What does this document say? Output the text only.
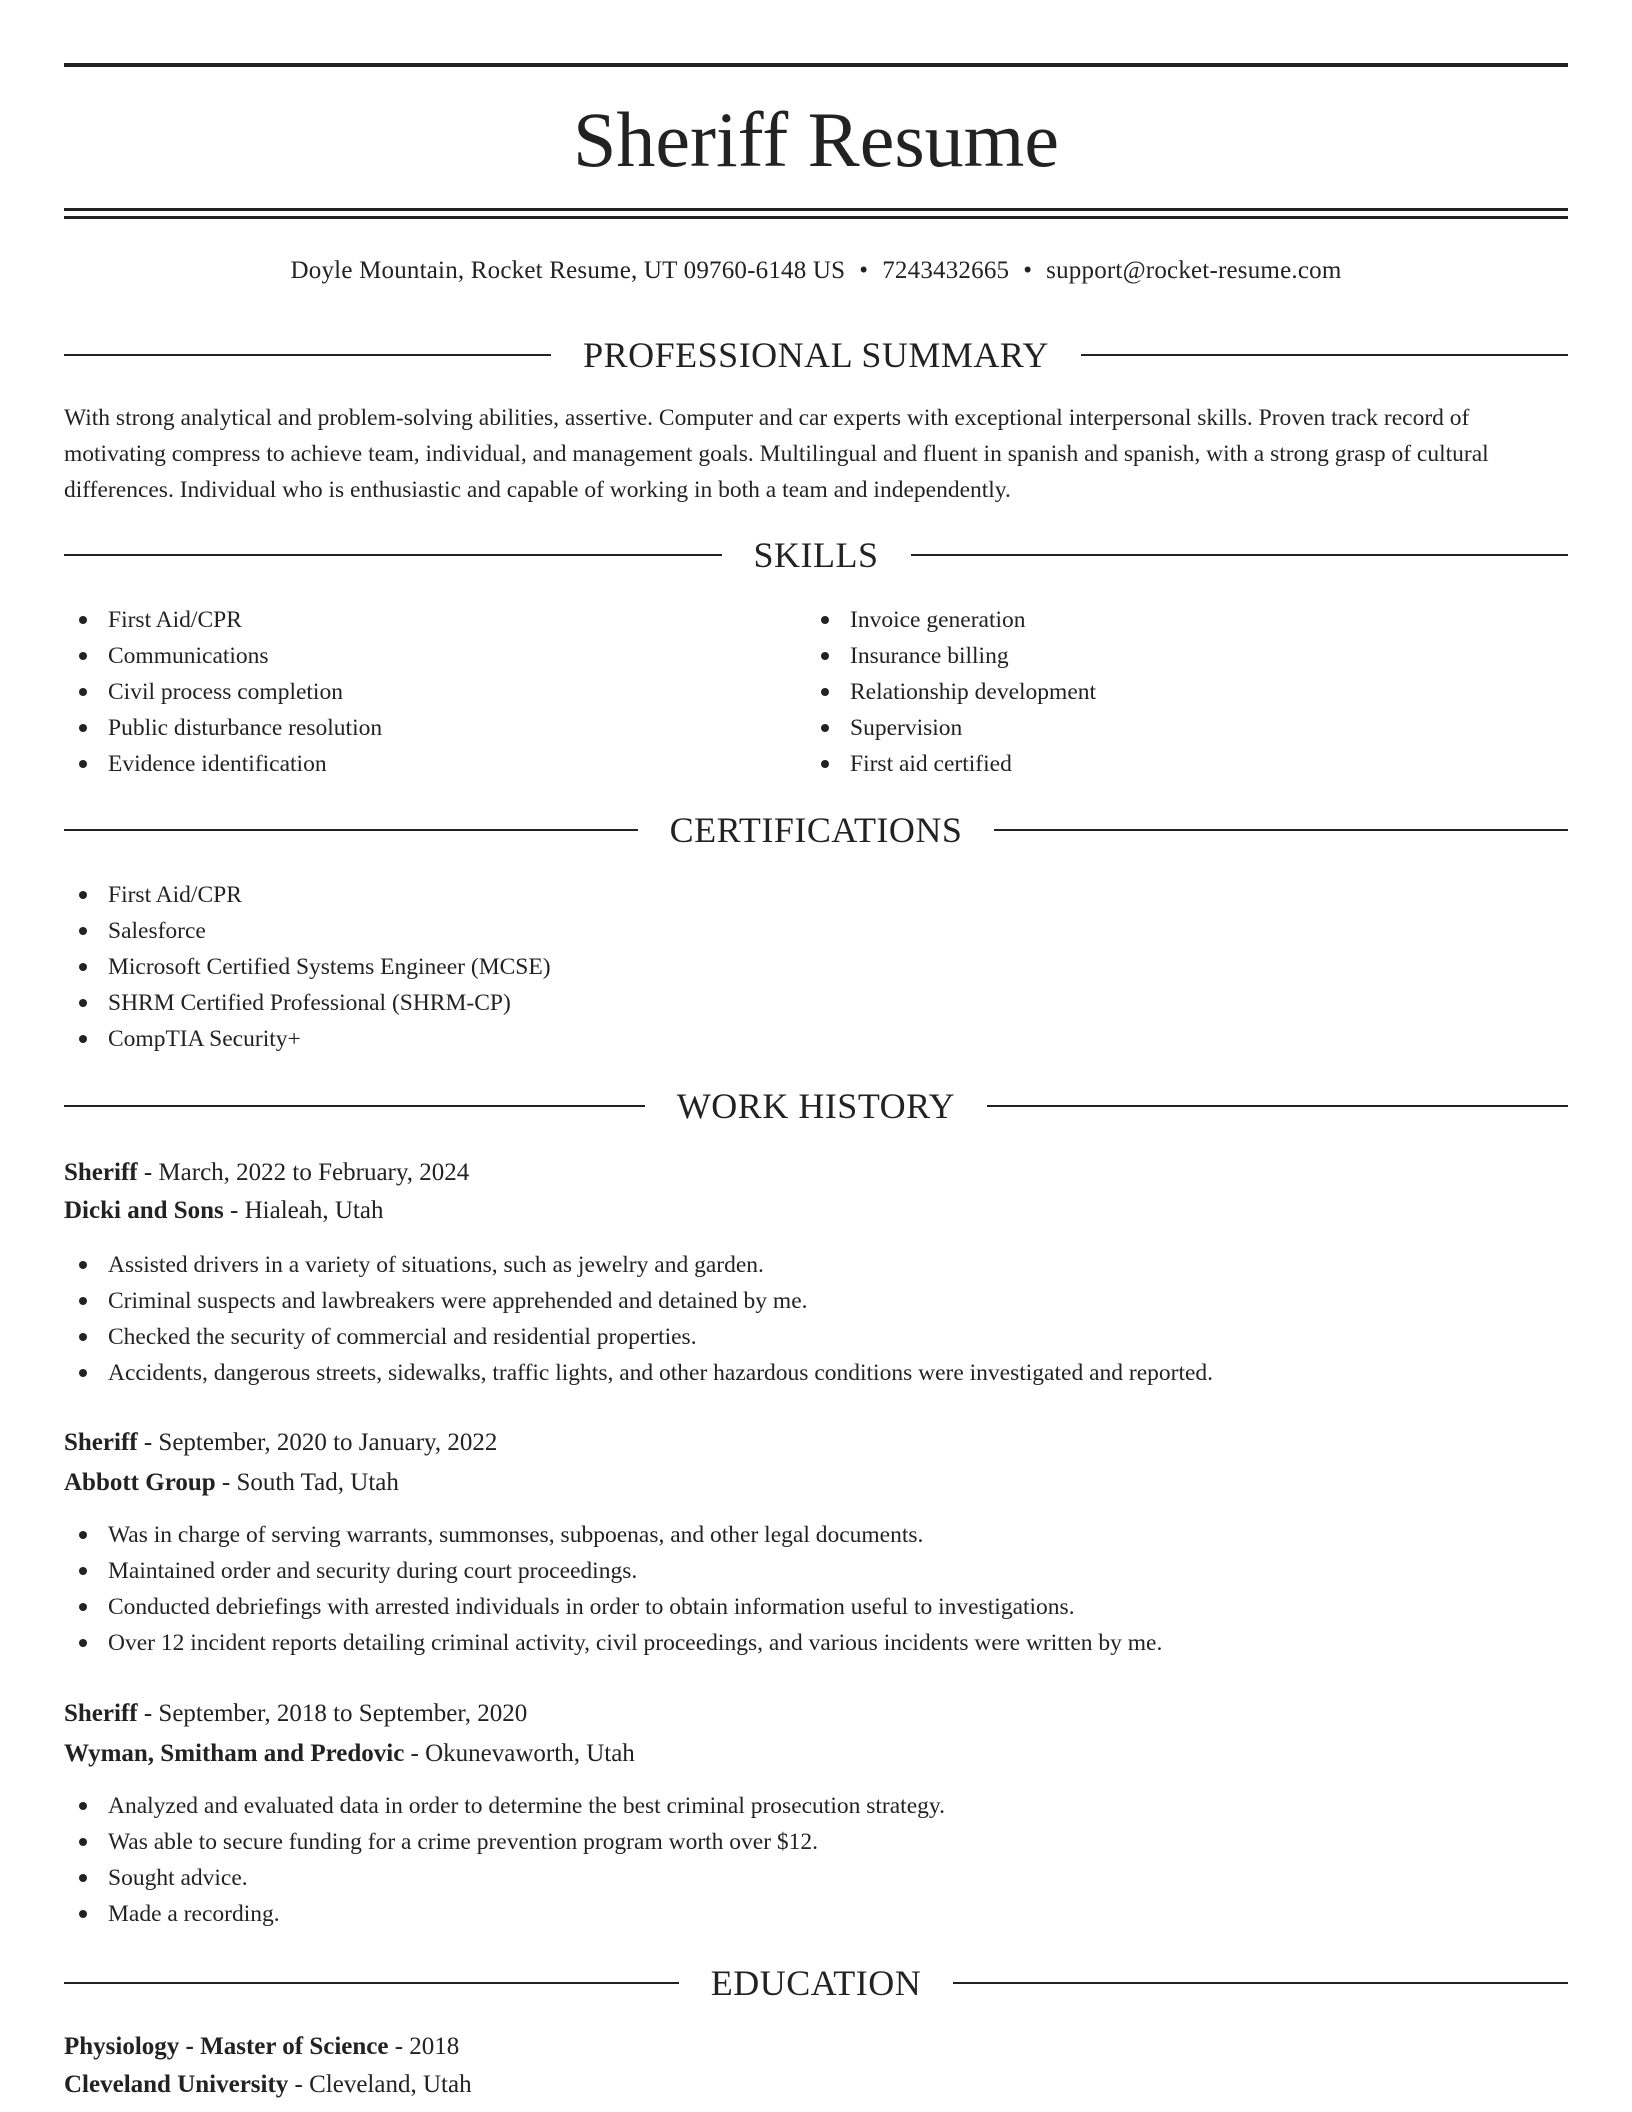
Sheriff Resume
Doyle Mountain, Rocket Resume, UT 09760-6148 US • 7243432665 • support@rocket-resume.com
PROFESSIONAL SUMMARY

With strong analytical and problem-solving abilities, assertive. Computer and car experts with exceptional interpersonal skills. Proven track record of motivating compress to achieve team, individual, and management goals. Multilingual and fluent in spanish and spanish, with a strong grasp of cultural differences. Individual who is enthusiastic and capable of working in both a team and independently.

SKILLS
First Aid/CPR
Communications
Civil process completion
Public disturbance resolution
Evidence identification
Invoice generation
Insurance billing
Relationship development
Supervision
First aid certified
CERTIFICATIONS
First Aid/CPR
Salesforce
Microsoft Certified Systems Engineer (MCSE)
SHRM Certified Professional (SHRM-CP)
CompTIA Security+
WORK HISTORY

Sheriff - March, 2022 to February, 2024

Dicki and Sons - Hialeah, Utah

Assisted drivers in a variety of situations, such as jewelry and garden.
Criminal suspects and lawbreakers were apprehended and detained by me.
Checked the security of commercial and residential properties.
Accidents, dangerous streets, sidewalks, traffic lights, and other hazardous conditions were investigated and reported.

Sheriff - September, 2020 to January, 2022

Abbott Group - South Tad, Utah

Was in charge of serving warrants, summonses, subpoenas, and other legal documents.
Maintained order and security during court proceedings.
Conducted debriefings with arrested individuals in order to obtain information useful to investigations.
Over 12 incident reports detailing criminal activity, civil proceedings, and various incidents were written by me.

Sheriff - September, 2018 to September, 2020

Wyman, Smitham and Predovic - Okunevaworth, Utah

Analyzed and evaluated data in order to determine the best criminal prosecution strategy.
Was able to secure funding for a crime prevention program worth over $12.
Sought advice.
Made a recording.
EDUCATION

Physiology - Master of Science - 2018

Cleveland University - Cleveland, Utah
